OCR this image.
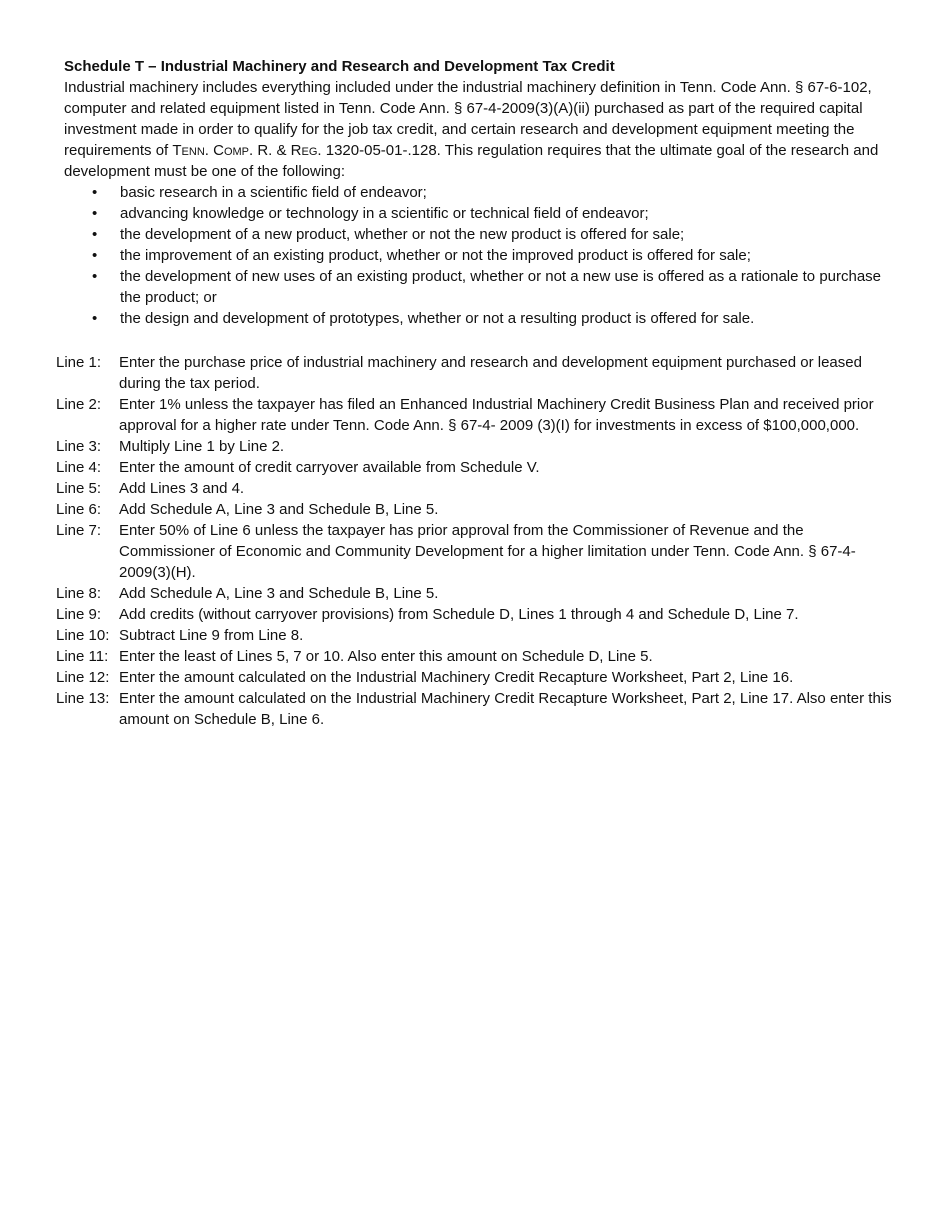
Schedule T – Industrial Machinery and Research and Development Tax Credit

Industrial machinery includes everything included under the industrial machinery definition in Tenn. Code Ann. § 67-6-102, computer and related equipment listed in Tenn. Code Ann. § 67-4-2009(3)(A)(ii) purchased as part of the required capital investment made in order to qualify for the job tax credit, and certain research and development equipment meeting the requirements of Tenn. Comp. R. & Reg. 1320-05-01-.128. This regulation requires that the ultimate goal of the research and development must be one of the following:

• basic research in a scientific field of endeavor;
• advancing knowledge or technology in a scientific or technical field of endeavor;
• the development of a new product, whether or not the new product is offered for sale;
• the improvement of an existing product, whether or not the improved product is offered for sale;
• the development of new uses of an existing product, whether or not a new use is offered as a rationale to purchase the product; or
• the design and development of prototypes, whether or not a resulting product is offered for sale.
Line 1:	Enter the purchase price of industrial machinery and research and development equipment purchased or leased during the tax period.
Line 2:	Enter 1% unless the taxpayer has filed an Enhanced Industrial Machinery Credit Business Plan and received prior approval for a higher rate under Tenn. Code Ann. § 67-4- 2009 (3)(I) for investments in excess of $100,000,000.
Line 3:	Multiply Line 1 by Line 2.
Line 4:	Enter the amount of credit carryover available from Schedule V.
Line 5:	Add Lines 3 and 4.
Line 6:	Add Schedule A, Line 3 and Schedule B, Line 5.
Line 7:	Enter 50% of Line 6 unless the taxpayer has prior approval from the Commissioner of Revenue and the Commissioner of Economic and Community Development for a higher limitation under Tenn. Code Ann. § 67-4-2009(3)(H).
Line 8:	Add Schedule A, Line 3 and Schedule B, Line 5.
Line 9:	Add credits (without carryover provisions) from Schedule D, Lines 1 through 4 and Schedule D, Line 7.
Line 10: Subtract Line 9 from Line 8.
Line 11: Enter the least of Lines 5, 7 or 10. Also enter this amount on Schedule D, Line 5.
Line 12: Enter the amount calculated on the Industrial Machinery Credit Recapture Worksheet, Part 2, Line 16.
Line 13: Enter the amount calculated on the Industrial Machinery Credit Recapture Worksheet, Part 2, Line 17. Also enter this amount on Schedule B, Line 6.
